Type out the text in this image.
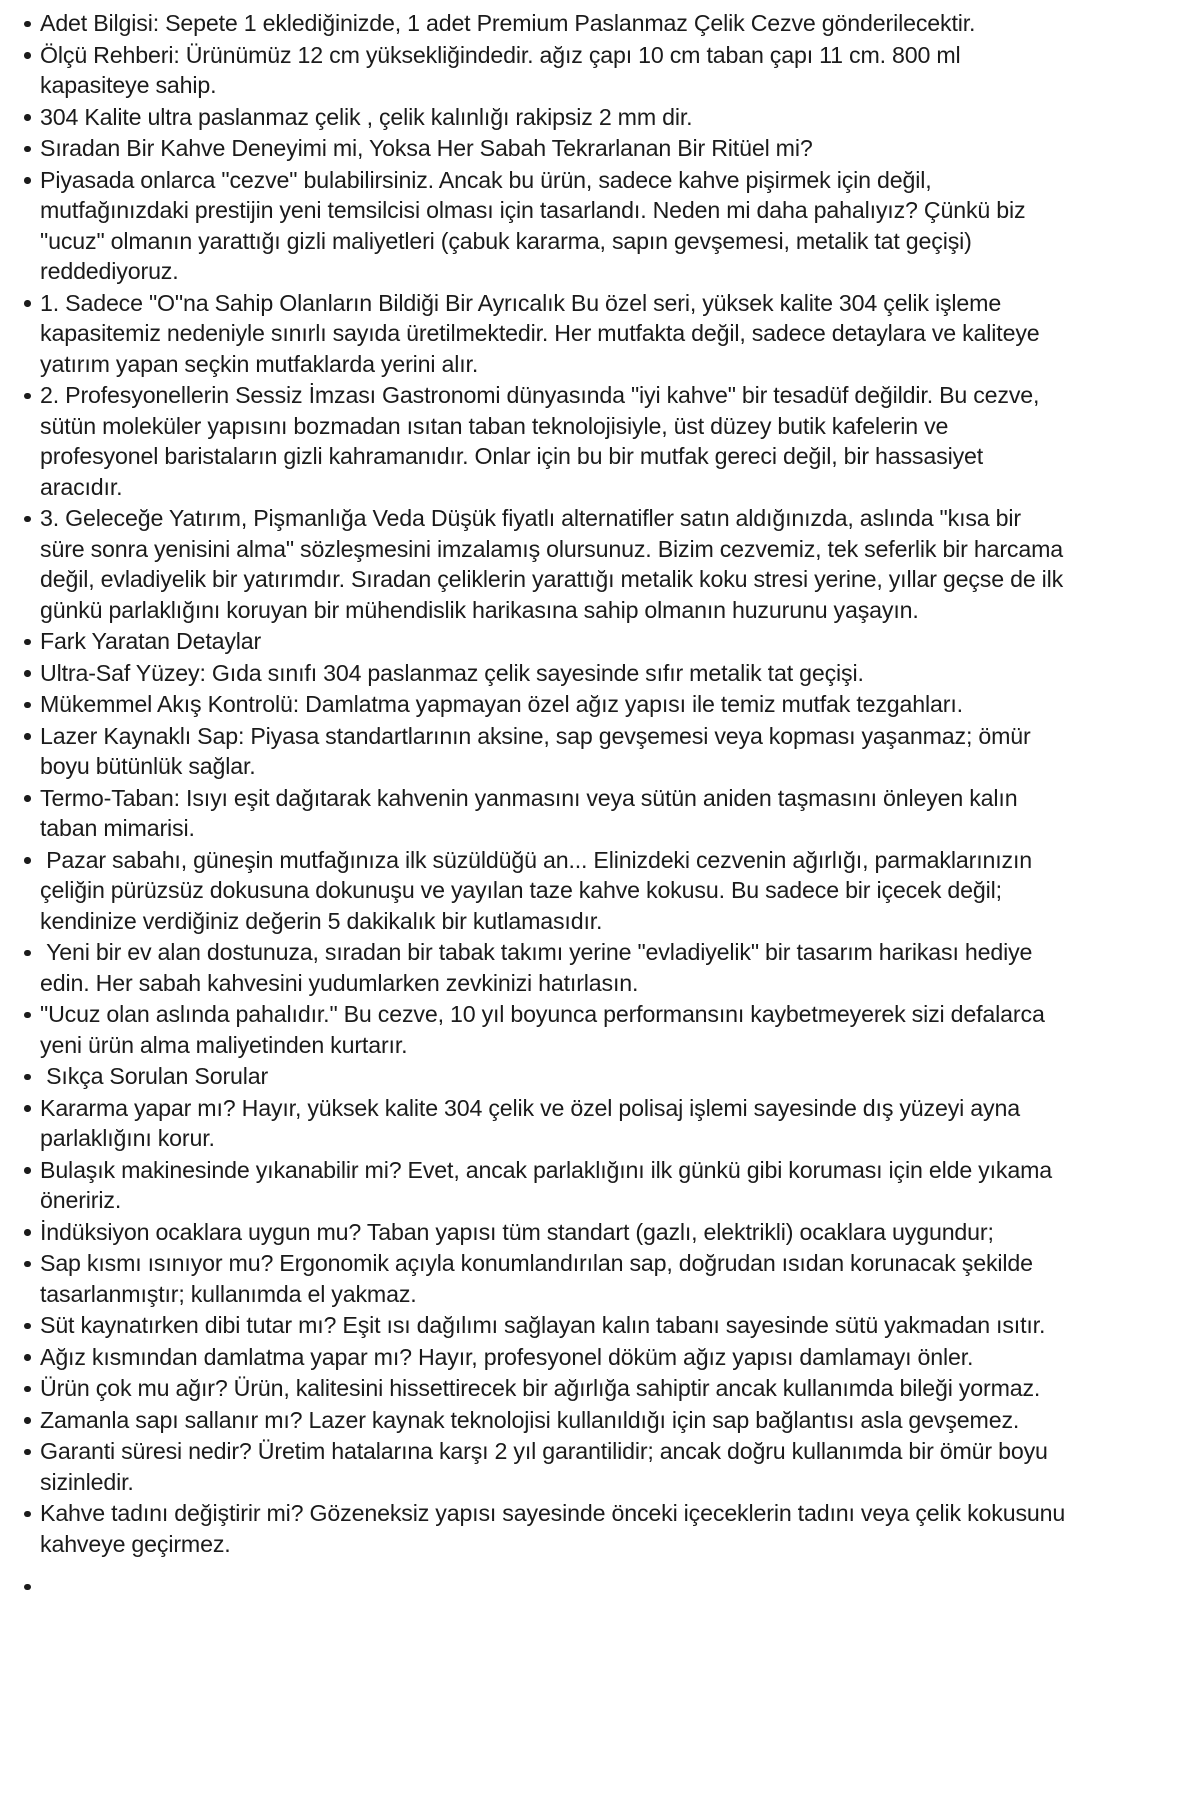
Adet Bilgisi: Sepete 1 eklediğinizde, 1 adet Premium Paslanmaz Çelik Cezve gönderilecektir.
Ölçü Rehberi: Ürünümüz 12 cm yüksekliğindedir. ağız çapı 10 cm taban çapı 11 cm. 800 ml kapasiteye sahip.
304 Kalite ultra paslanmaz çelik , çelik kalınlığı rakipsiz 2 mm dir.
Sıradan Bir Kahve Deneyimi mi, Yoksa Her Sabah Tekrarlanan Bir Ritüel mi?
Piyasada onlarca "cezve" bulabilirsiniz. Ancak bu ürün, sadece kahve pişirmek için değil, mutfağınızdaki prestijin yeni temsilcisi olması için tasarlandı. Neden mi daha pahalıyız? Çünkü biz "ucuz" olmanın yarattığı gizli maliyetleri (çabuk kararma, sapın gevşemesi, metalik tat geçişi) reddediyoruz.
1. Sadece "O"na Sahip Olanların Bildiği Bir Ayrıcalık Bu özel seri, yüksek kalite 304 çelik işleme kapasitemiz nedeniyle sınırlı sayıda üretilmektedir. Her mutfakta değil, sadece detaylara ve kaliteye yatırım yapan seçkin mutfaklarda yerini alır.
2. Profesyonellerin Sessiz İmzası Gastronomi dünyasında "iyi kahve" bir tesadüf değildir. Bu cezve, sütün moleküler yapısını bozmadan ısıtan taban teknolojisiyle, üst düzey butik kafelerin ve profesyonel baristaların gizli kahramanıdır. Onlar için bu bir mutfak gereci değil, bir hassasiyet aracıdır.
3. Geleceğe Yatırım, Pişmanlığa Veda Düşük fiyatlı alternatifler satın aldığınızda, aslında "kısa bir süre sonra yenisini alma" sözleşmesini imzalamış olursunuz. Bizim cezvemiz, tek seferlik bir harcama değil, evladiyelik bir yatırımdır. Sıradan çeliklerin yarattığı metalik koku stresi yerine, yıllar geçse de ilk günkü parlaklığını koruyan bir mühendislik harikasına sahip olmanın huzurunu yaşayın.
Fark Yaratan Detaylar
Ultra-Saf Yüzey: Gıda sınıfı 304 paslanmaz çelik sayesinde sıfır metalik tat geçişi.
Mükemmel Akış Kontrolü: Damlatma yapmayan özel ağız yapısı ile temiz mutfak tezgahları.
Lazer Kaynaklı Sap: Piyasa standartlarının aksine, sap gevşemesi veya kopması yaşanmaz; ömür boyu bütünlük sağlar.
Termo-Taban: Isıyı eşit dağıtarak kahvenin yanmasını veya sütün aniden taşmasını önleyen kalın taban mimarisi.
Pazar sabahı, güneşin mutfağınıza ilk süzüldüğü an... Elinizdeki cezvenin ağırlığı, parmaklarınızın çeliğin pürüzsüz dokusuna dokunuşu ve yayılan taze kahve kokusu. Bu sadece bir içecek değil; kendinize verdiğiniz değerin 5 dakikalık bir kutlamasıdır.
Yeni bir ev alan dostunuza, sıradan bir tabak takımı yerine "evladiyelik" bir tasarım harikası hediye edin. Her sabah kahvesini yudumlarken zevkinizi hatırlasın.
"Ucuz olan aslında pahalıdır." Bu cezve, 10 yıl boyunca performansını kaybetmeyerek sizi defalarca yeni ürün alma maliyetinden kurtarır.
Sıkça Sorulan Sorular
Kararma yapar mı? Hayır, yüksek kalite 304 çelik ve özel polisaj işlemi sayesinde dış yüzeyi ayna parlaklığını korur.
Bulaşık makinesinde yıkanabilir mi? Evet, ancak parlaklığını ilk günkü gibi koruması için elde yıkama öneririz.
İndüksiyon ocaklara uygun mu? Taban yapısı tüm standart (gazlı, elektrikli) ocaklara uygundur;
Sap kısmı ısınıyor mu? Ergonomik açıyla konumlandırılan sap, doğrudan ısıdan korunacak şekilde tasarlanmıştır; kullanımda el yakmaz.
Süt kaynatırken dibi tutar mı? Eşit ısı dağılımı sağlayan kalın tabanı sayesinde sütü yakmadan ısıtır.
Ağız kısmından damlatma yapar mı? Hayır, profesyonel döküm ağız yapısı damlamayı önler.
Ürün çok mu ağır? Ürün, kalitesini hissettirecek bir ağırlığa sahiptir ancak kullanımda bileği yormaz.
Zamanla sapı sallanır mı? Lazer kaynak teknolojisi kullanıldığı için sap bağlantısı asla gevşemez.
Garanti süresi nedir? Üretim hatalarına karşı 2 yıl garantilidir; ancak doğru kullanımda bir ömür boyu sizinledir.
Kahve tadını değiştirir mi? Gözeneksiz yapısı sayesinde önceki içeceklerin tadını veya çelik kokusunu kahveye geçirmez.
